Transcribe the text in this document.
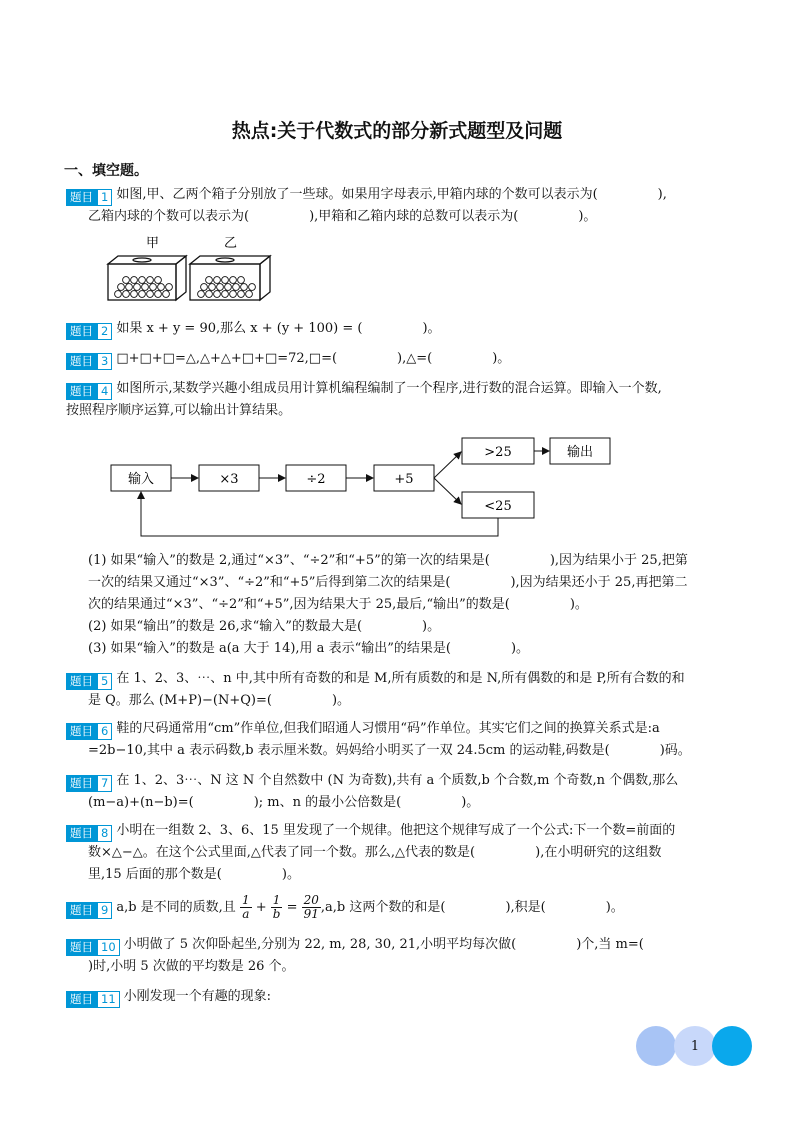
热点:关于代数式的部分新式题型及问题
一、填空题。
题目 1 如图,甲、乙两个箱子分别放了一些球。如果用字母表示,甲箱内球的个数可以表示为(	),
乙箱内球的个数可以表示为(	),甲箱和乙箱内球的总数可以表示为(	)。
甲	乙
题目 2 如果 x + y = 90,那么 x + (y + 100) = (	)。
题目 3 □+□+□=△,△+△+□+□=72,□=(	),△=(	)。
题目 4 如图所示,某数学兴趣小组成员用计算机编程编制了一个程序,进行数的混合运算。即输入一个数,
按照程序顺序运算,可以输出计算结果。
输入	×3	÷2	+5
>25	输出
<25
(1) 如果“输入”的数是 2,通过“×3”、“÷2”和“+5”的第一次的结果是(	),因为结果小于 25,把第
一次的结果又通过“×3”、“÷2”和“+5”后得到第二次的结果是(	),因为结果还小于 25,再把第二
次的结果通过“×3”、“÷2”和“+5”,因为结果大于 25,最后,“输出”的数是(	)。
(2) 如果“输出”的数是 26,求“输入”的数最大是(	)。
(3) 如果“输入”的数是 a(a 大于 14),用 a 表示“输出”的结果是(	)。
题目 5 在 1、2、3、⋯、n 中,其中所有奇数的和是 M,所有质数的和是 N,所有偶数的和是 P,所有合数的和
是 Q。那么 (M+P)−(N+Q)=(	)。
题目 6 鞋的尺码通常用“cm”作单位,但我们昭通人习惯用“码”作单位。其实它们之间的换算关系式是:a
=2b−10,其中 a 表示码数,b 表示厘米数。妈妈给小明买了一双 24.5cm 的运动鞋,码数是(	)码。
题目 7 在 1、2、3⋯、N 这 N 个自然数中 (N 为奇数),共有 a 个质数,b 个合数,m 个奇数,n 个偶数,那么
(m−a)+(n−b)=(	); m、n 的最小公倍数是(	)。
题目 8 小明在一组数 2、3、6、15 里发现了一个规律。他把这个规律写成了一个公式:下一个数=前面的
数×△−△。在这个公式里面,△代表了同一个数。那么,△代表的数是(	),在小明研究的这组数
里,15 后面的那个数是(	)。
题目 9 a,b 是不同的质数,且 $\frac{1}{a} + \frac{1}{b} = \frac{20}{91} ,a,b$ 这两个数的和是(	),积是(	)。
题目 10 小明做了 5 次仰卧起坐,分别为 22, m, 28, 30, 21,小明平均每次做(	)个,当 m=(
)时,小明 5 次做的平均数是 26 个。
题目 11 小刚发现一个有趣的现象:
1
